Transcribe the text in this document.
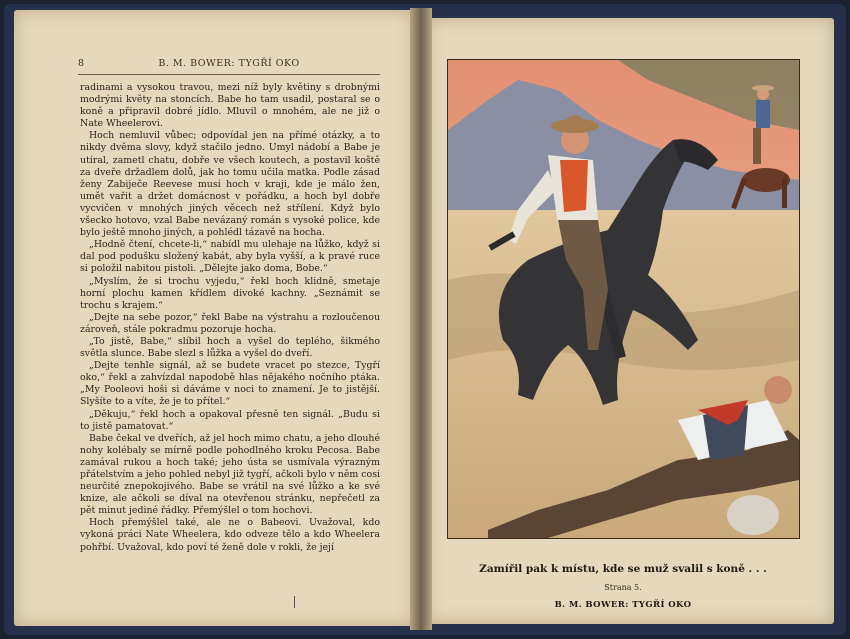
8	B. M. BOWER: TYGŘÍ OKO

radinami a vysokou travou, mezi níž byly květiny s drobnými modrými květy na stoncích. Babe ho tam usadil, postaral se o koně a připravil dobré jídlo. Mluvil o mnohém, ale ne již o Nate Wheelerovi.

Hoch nemluvil vůbec; odpovídal jen na přímé otázky, a to nikdy dvěma slovy, když stačilo jedno. Umyl nádobí a Babe je utíral, zametl chatu, dobře ve všech koutech, a postavil koště za dveře držadlem dolů, jak ho tomu učila matka. Podle zásad ženy Zabiječe Reevese musí hoch v kraji, kde je málo žen, umět vařit a držet domácnost v pořádku, a hoch byl dobře vycvičen v mnohých jiných věcech než střílení. Když bylo všecko hotovo, vzal Babe nevázaný román s vysoké police, kde bylo ještě mnoho jiných, a pohlédl tázavě na hocha.

„Hodně čtení, chcete-li,“ nabídl mu ulehaje na lůžko, když si dal pod podušku složený kabát, aby byla vyšší, a k pravé ruce si položil nabitou pistoli. „Dělejte jako doma, Bobe.“

„Myslím, že si trochu vyjedu,“ řekl hoch klidně, smetaje horní plochu kamen křídlem divoké kachny. „Seznámit se trochu s krajem.“

„Dejte na sebe pozor,“ řekl Babe na výstrahu a rozloučenou zároveň, stále pokradmu pozoruje hocha.

„To jistě, Babe,“ slíbil hoch a vyšel do teplého, šikmého světla slunce. Babe slezl s lůžka a vyšel do dveří.

„Dejte tenhle signál, až se budete vracet po stezce, Tygří oko,“ řekl a zahvízdal napodobě hlas nějakého nočního ptáka. „My Pooleovi hoši si dáváme v noci to znamení. Je to jistější. Slyšíte to a víte, že je to přítel.“

„Děkuju,“ řekl hoch a opakoval přesně ten signál. „Budu si to jistě pamatovat.“

Babe čekal ve dveřích, až jel hoch mimo chatu, a jeho dlouhé nohy kolébaly se mírně podle pohodlného kroku Pecosa. Babe zamával rukou a hoch také; jeho ústa se usmívala výrazným přátelstvím a jeho pohled nebyl již tygří, ačkoli bylo v něm cosi neurčité znepokojivého. Babe se vrátil na své lůžko a ke své knize, ale ačkoli se díval na otevřenou stránku, nepřečetl za pět minut jediné řádky. Přemýšlel o tom hochovi.

Hoch přemýšlel také, ale ne o Babeovi. Uvažoval, kdo vykoná práci Nate Wheelera, kdo odveze tělo a kdo Wheelera pohřbí. Uvažoval, kdo poví té ženě dole v rokli, že její

Zamířil pak k místu, kde se muž svalil s koně . . .
Strana 5.
B. M. BOWER: TYGŘÍ OKO
